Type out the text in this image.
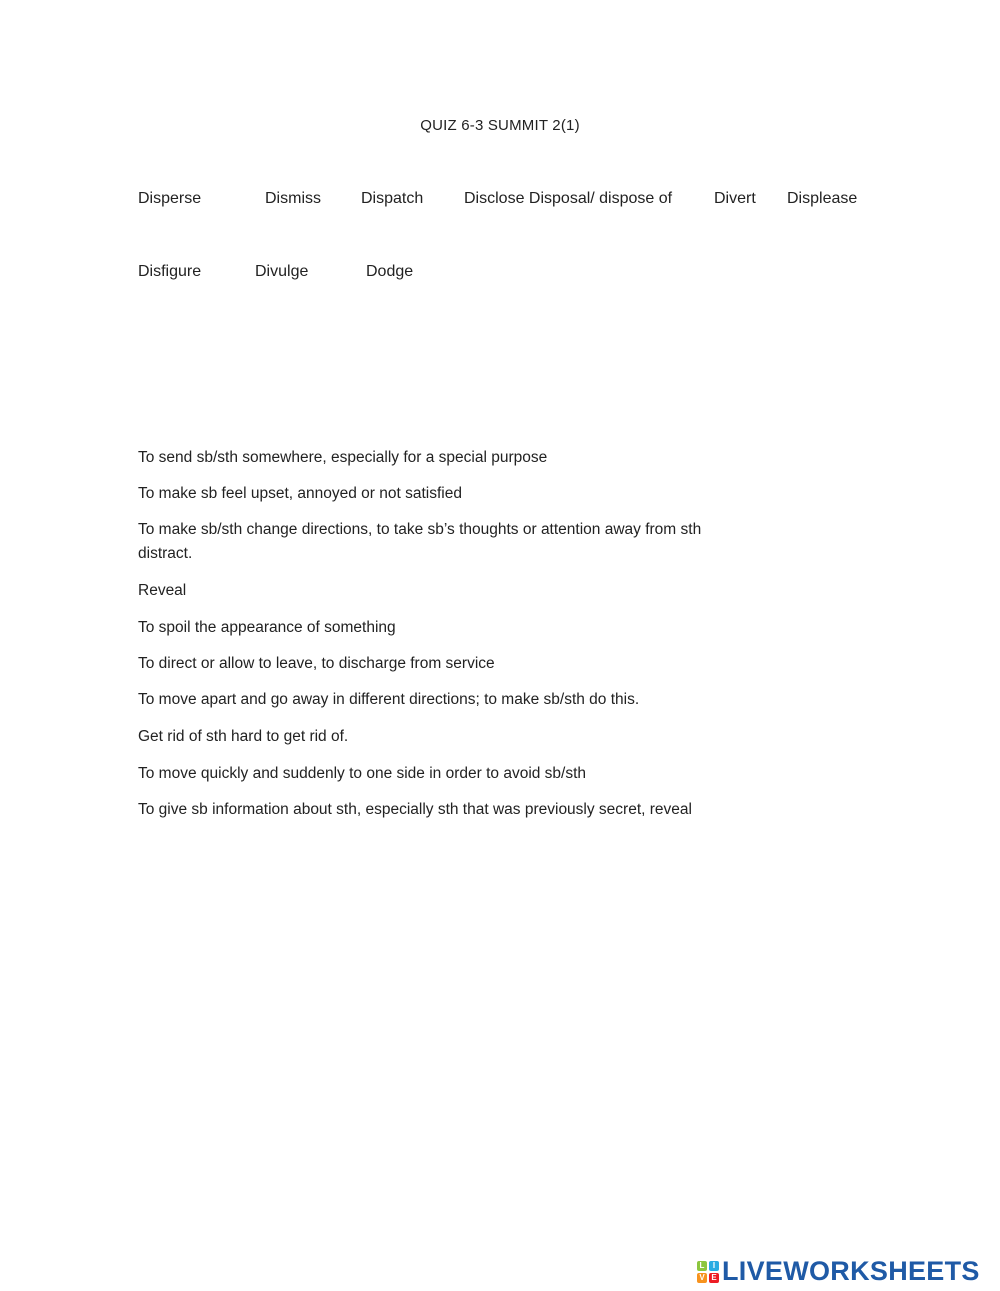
QUIZ 6-3 SUMMIT 2(1)
Disperse	Dismiss	Dispatch	Disclose Disposal/ dispose of	Divert Displease
Disfigure	Divulge	Dodge
To send sb/sth somewhere, especially for a special purpose
To make sb feel upset, annoyed or not satisfied
To make sb/sth change directions, to take sb’s thoughts or attention away from sth distract.
Reveal
To spoil the appearance of something
To direct or allow to leave, to discharge from service
To move apart and go away in different directions; to make sb/sth do this.
Get rid of sth hard to get rid of.
To move quickly and suddenly to one side in order to avoid sb/sth
To give sb information about sth, especially sth that was previously secret, reveal
L	I
V E LIVEWORKSHEETS
